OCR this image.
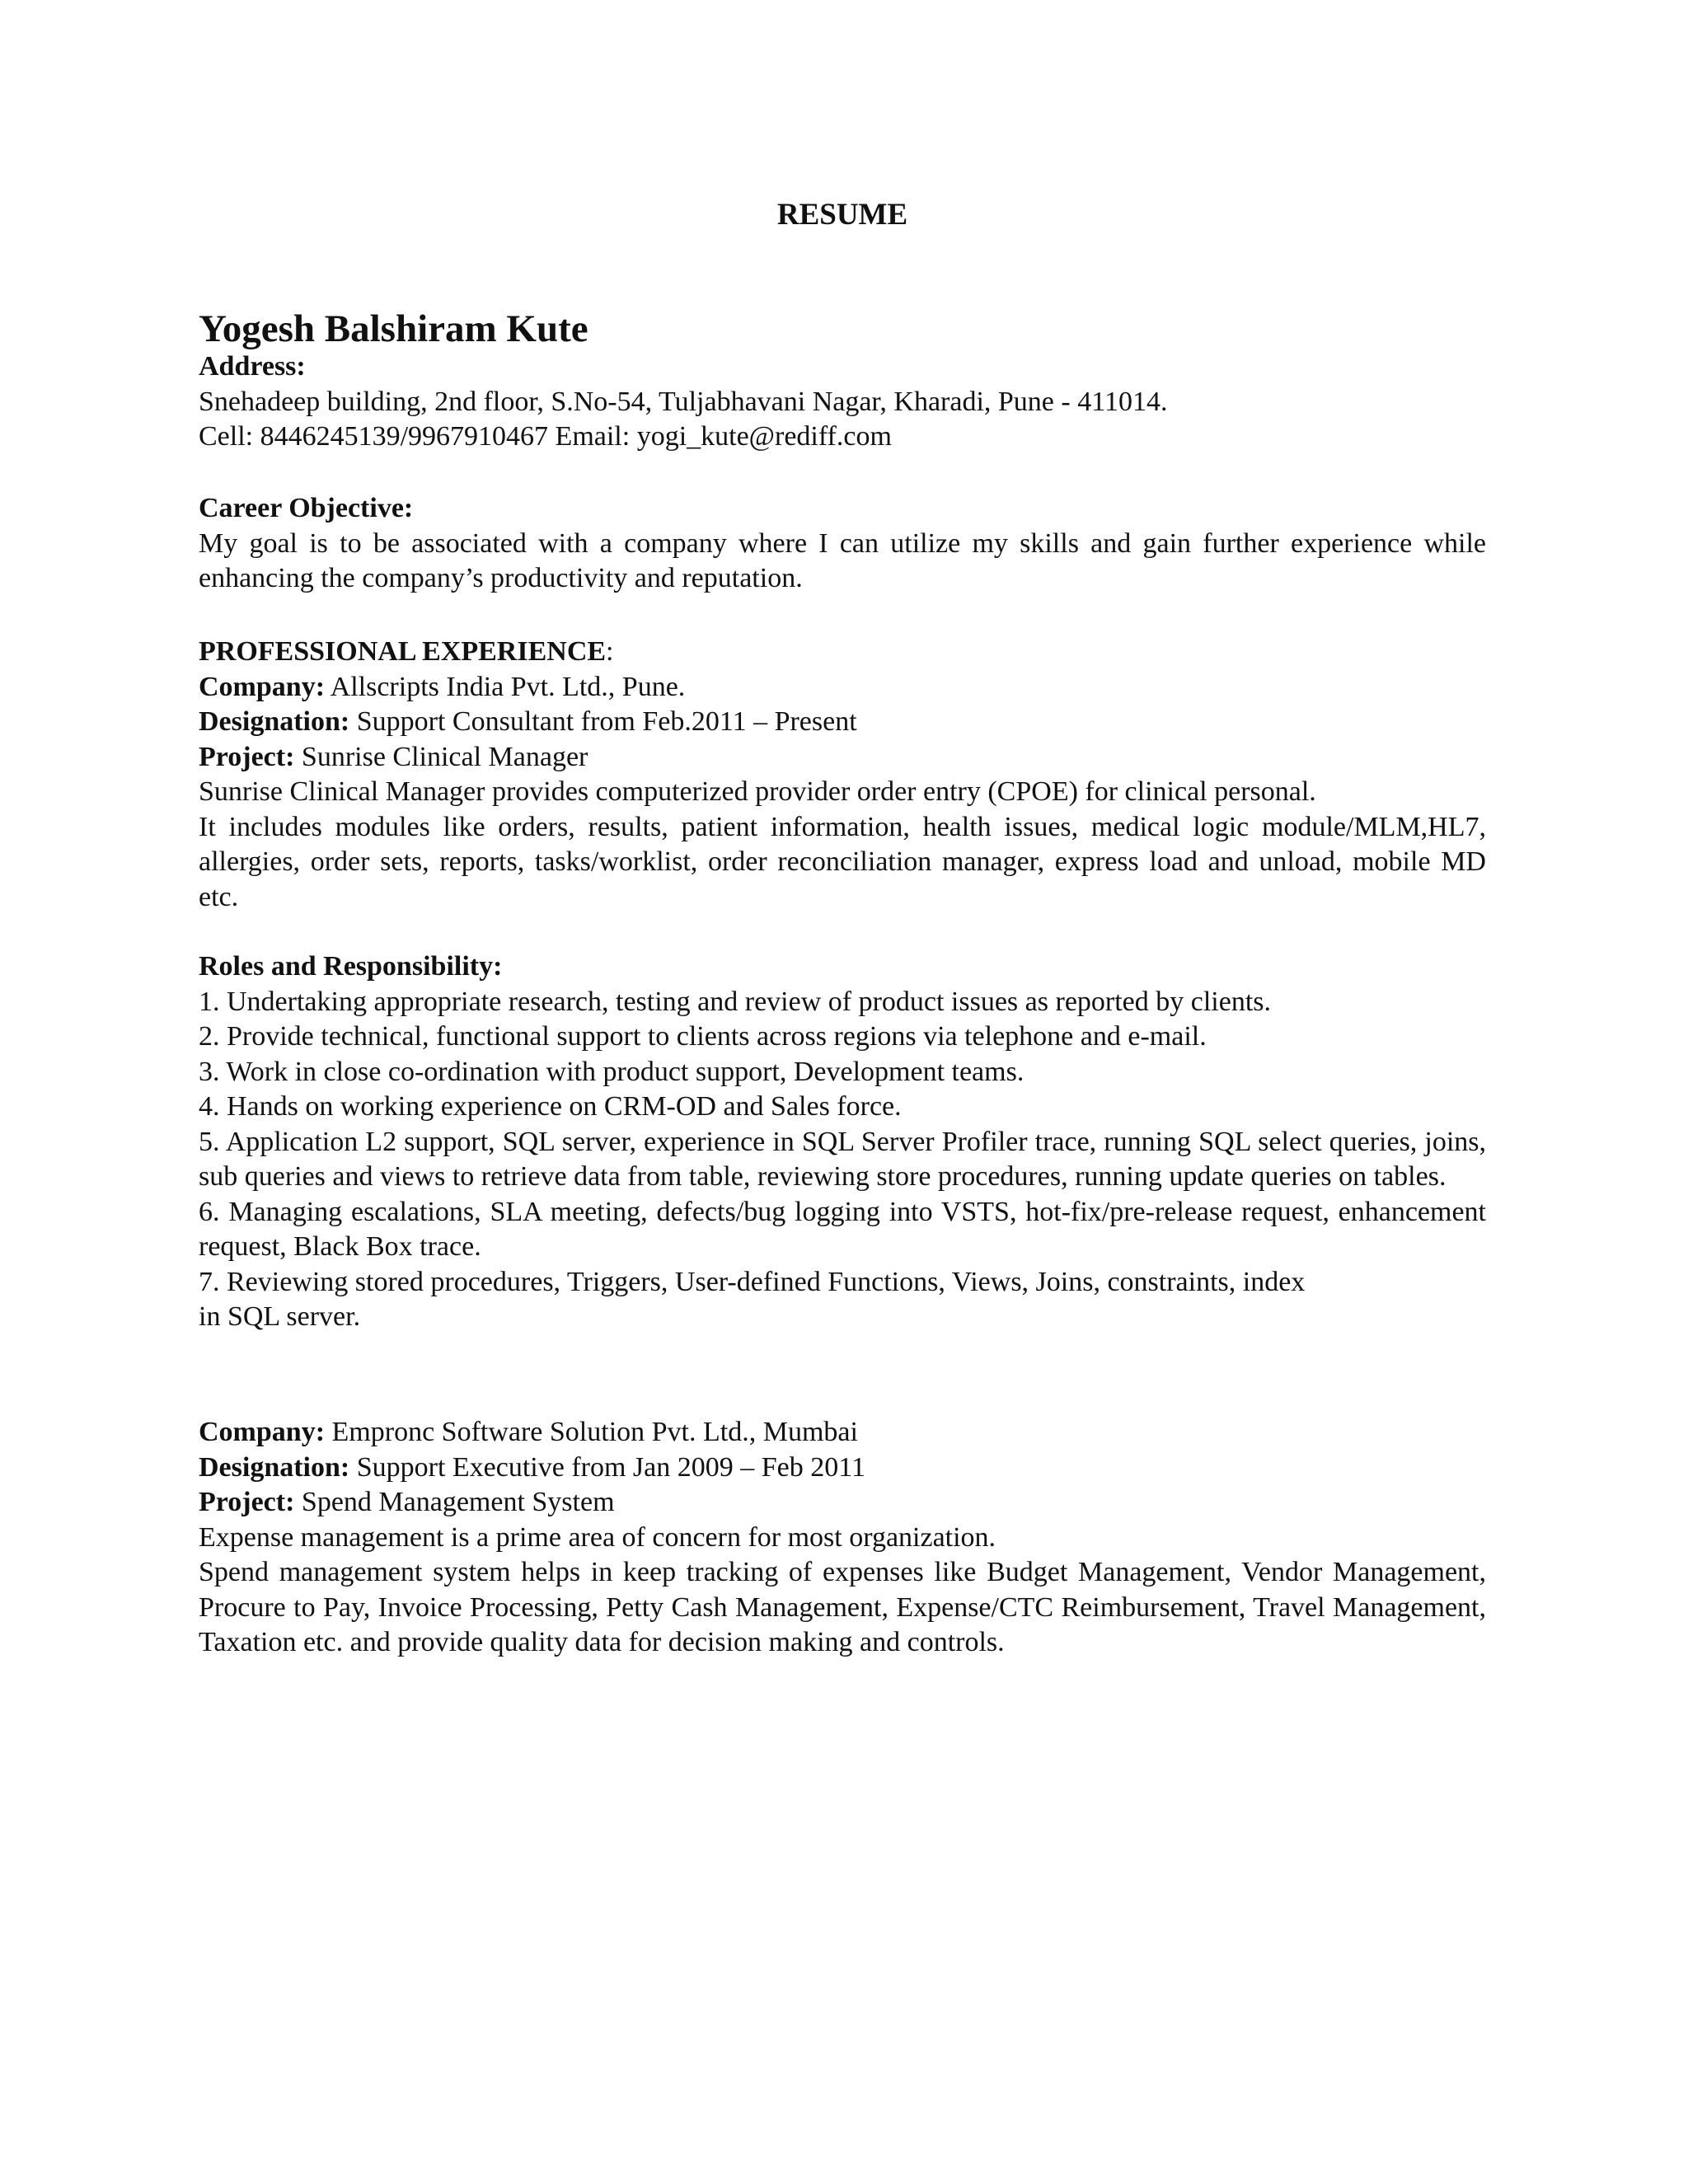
RESUME
Yogesh Balshiram Kute
Address:
Snehadeep building, 2nd floor, S.No-54, Tuljabhavani Nagar, Kharadi, Pune - 411014.
Cell: 8446245139/9967910467 Email: yogi_kute@rediff.com
Career Objective:
My goal is to be associated with a company where I can utilize my skills and gain further experience while enhancing the company’s productivity and reputation.
PROFESSIONAL EXPERIENCE:
Company: Allscripts India Pvt. Ltd., Pune.
Designation: Support Consultant from Feb.2011 – Present
Project: Sunrise Clinical Manager
Sunrise Clinical Manager provides computerized provider order entry (CPOE) for clinical personal.
It includes modules like orders, results, patient information, health issues, medical logic module/MLM,HL7, allergies, order sets, reports, tasks/worklist, order reconciliation manager, express load and unload, mobile MD etc.
Roles and Responsibility:
1. Undertaking appropriate research, testing and review of product issues as reported by clients.
2. Provide technical, functional support to clients across regions via telephone and e-mail.
3. Work in close co-ordination with product support, Development teams.
4. Hands on working experience on CRM-OD and Sales force.
5. Application L2 support, SQL server, experience in SQL Server Profiler trace, running SQL select queries, joins, sub queries and views to retrieve data from table, reviewing store procedures, running update queries on tables.
6. Managing escalations, SLA meeting, defects/bug logging into VSTS, hot-fix/pre-release request, enhancement request, Black Box trace.
7. Reviewing stored procedures, Triggers, User-defined Functions, Views, Joins, constraints, index
in SQL server.
Company: Empronc Software Solution Pvt. Ltd., Mumbai
Designation: Support Executive from Jan 2009 – Feb 2011
Project: Spend Management System
Expense management is a prime area of concern for most organization.
Spend management system helps in keep tracking of expenses like Budget Management, Vendor Management, Procure to Pay, Invoice Processing, Petty Cash Management, Expense/CTC Reimbursement, Travel Management, Taxation etc. and provide quality data for decision making and controls.
